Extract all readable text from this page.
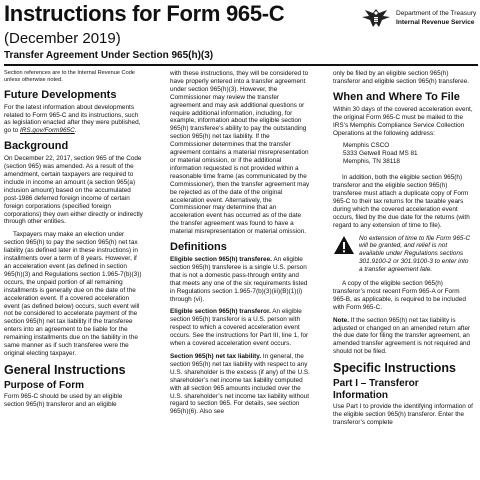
Instructions for Form 965-C
(December 2019)
Transfer Agreement Under Section 965(h)(3)
Department of the Treasury
Internal Revenue Service

Section references are to the Internal Revenue Code unless otherwise noted.

Future Developments

For the latest information about developments related to Form 965-C and its instructions, such as legislation enacted after they were published, go to IRS.gov/Form965C.

Background

On December 22, 2017, section 965 of the Code (section 965) was amended. As a result of the amendment, certain taxpayers are required to include in income an amount (a section 965(a) inclusion amount) based on the accumulated post-1986 deferred foreign income of certain foreign corporations (specified foreign corporations) they own either directly or indirectly through other entities.

Taxpayers may make an election under section 965(h) to pay the section 965(h) net tax liability (as defined later in these instructions) in installments over a term of 8 years. However, if an acceleration event (as defined in section 965(h)(3) and Regulations section 1.965-7(b)(3)) occurs, the unpaid portion of all remaining installments is generally due on the date of the acceleration event. If a covered acceleration event (as defined below) occurs, such event will not be considered to accelerate payment of the section 965(h) net tax liability if the transferee enters into an agreement to be liable for the remaining installments due on the liability in the same manner as if such transferee were the original electing taxpayer.

General Instructions
Purpose of Form

Form 965-C should be used by an eligible section 965(h) transferor and an eligible

with these instructions, they will be considered to have properly entered into a transfer agreement under section 965(h)(3). However, the Commissioner may review the transfer agreement and may ask additional questions or require additional information, including, for example, information about the eligible section 965(h) transferee’s ability to pay the outstanding section 965(h) net tax liability. If the Commissioner determines that the transfer agreement contains a material misrepresentation or material omission, or if the additional information requested is not provided within a reasonable time frame (as communicated by the Commissioner), then the transfer agreement may be rejected as of the date of the original acceleration event. Alternatively, the Commissioner may determine that an acceleration event has occurred as of the date the transfer agreement was found to have a material misrepresentation or material omission.

Definitions

Eligible section 965(h) transferee. An eligible section 965(h) transferee is a single U.S. person that is not a domestic pass-through entity and that meets any one of the six requirements listed in Regulations section 1.965-7(b)(3)(iii)(B)(1)(i) through (vi).

Eligible section 965(h) transferor. An eligible section 965(h) transferor is a U.S. person with respect to which a covered acceleration event occurs. See the instructions for Part III, line 1, for when a covered acceleration event occurs.

Section 965(h) net tax liability. In general, the section 965(h) net tax liability with respect to any U.S. shareholder is the excess (if any) of the U.S. shareholder’s net income tax liability computed with all section 965 amounts included over the U.S. shareholder’s net income tax liability without regard to section 965. For details, see section 965(h)(6). Also see

only be filed by an eligible section 965(h) transferor and eligible section 965(h) transferee.

When and Where To File

Within 30 days of the covered acceleration event, the original Form 965-C must be mailed to the IRS’s Memphis Compliance Service Collection Operations at the following address:

Memphis CSCO
5333 Getwell Road MS 81
Memphis, TN 38118

In addition, both the eligible section 965(h) transferor and the eligible section 965(h) transferee must attach a duplicate copy of Form 965-C to their tax returns for the taxable years during which the covered acceleration event occurs, filed by the due date for the returns (with regard to any extension of time to file).

No extension of time to file Form 965-C will be granted, and relief is not available under Regulations sections 301.9100-2 or 301.9100-3 to enter into a transfer agreement late.

A copy of the eligible section 965(h) transferor’s most recent Form 965-A or Form 965-B, as applicable, is required to be included with Form 965-C.

Note. If the section 965(h) net tax liability is adjusted or changed on an amended return after the due date for filing the transfer agreement, an amended transfer agreement is not required and should not be filed.

Specific Instructions
Part I – Transferor Information

Use Part I to provide the identifying information of the eligible section 965(h) transferor. Enter the transferor’s complete
